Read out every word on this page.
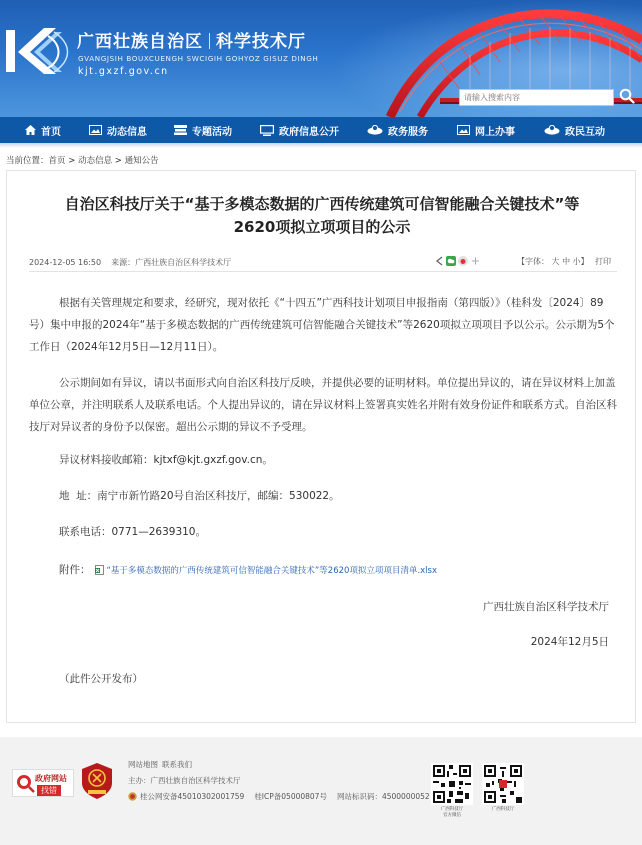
广西壮族自治区 科学技术厅
GVANGJSIH BOUXCUENGH SWCIGIH GOHYOZ GISUZ DINGH
kjt.gxzf.gov.cn
请输入搜索内容
首页	动态信息	专题活动	政府信息公开	政务服务	网上办事	政民互动
当前位置：首页 > 动态信息 > 通知公告
自治区科技厅关于“基于多模态数据的广西传统建筑可信智能融合关键技术”等
2620项拟立项项目的公示
2024-12-05 16:50 来源：广西壮族自治区科学技术厅	【字体： 大 中 小】 打印

根据有关管理规定和要求，经研究，现对依托《“十四五”广西科技计划项目申报指南（第四版）》（桂科发〔2024〕89号）集中申报的2024年“基于多模态数据的广西传统建筑可信智能融合关键技术”等2620项拟立项项目予以公示。公示期为5个工作日（2024年12月5日—12月11日）。

公示期间如有异议，请以书面形式向自治区科技厅反映，并提供必要的证明材料。单位提出异议的，请在异议材料上加盖单位公章，并注明联系人及联系电话。个人提出异议的，请在异议材料上签署真实姓名并附有效身份证件和联系方式。自治区科技厅对异议者的身份予以保密。超出公示期的异议不予受理。

异议材料接收邮箱：kjtxf@kjt.gxzf.gov.cn。
地  址：南宁市新竹路20号自治区科技厅，邮编：530022。
联系电话：0771—2639310。
附件： “基于多模态数据的广西传统建筑可信智能融合关键技术”等2620项拟立项项目清单.xlsx
广西壮族自治区科学技术厅
2024年12月5日
（此件公开发布）
政府网站
找错
网站地图 联系我们
主办：广西壮族自治区科学技术厅
桂公网安备45010302001759 桂ICP备05000807号 网站标识码：4500000052
广西科技厅
官方微信
广西科技厅
